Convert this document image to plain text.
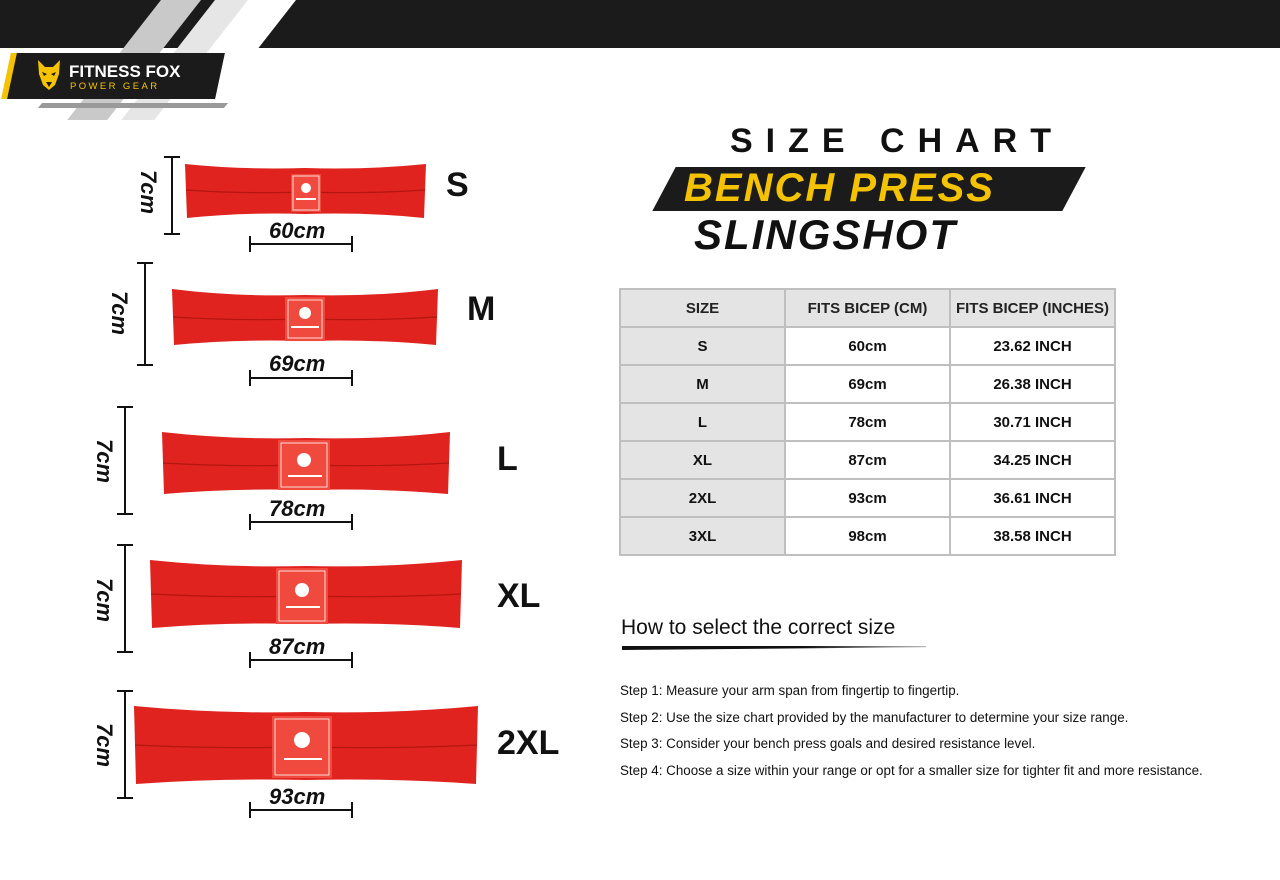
FITNESS FOX
POWER GEAR
7cm
7cm
7cm
7cm
7cm
60cm
69cm
78cm
87cm
93cm
S
M
L
XL
2XL
SIZE CHART
BENCH PRESS
SLINGSHOT
SIZE	FITS BICEP (CM)	FITS BICEP (INCHES)
S	60cm	23.62 INCH
M	69cm	26.38 INCH
L	78cm	30.71 INCH
XL	87cm	34.25 INCH
2XL	93cm	36.61 INCH
3XL	98cm	38.58 INCH
How to select the correct size
Step 1: Measure your arm span from fingertip to fingertip.
Step 2: Use the size chart provided by the manufacturer to determine your size range.
Step 3: Consider your bench press goals and desired resistance level.
Step 4: Choose a size within your range or opt for a smaller size for tighter fit and more resistance.
